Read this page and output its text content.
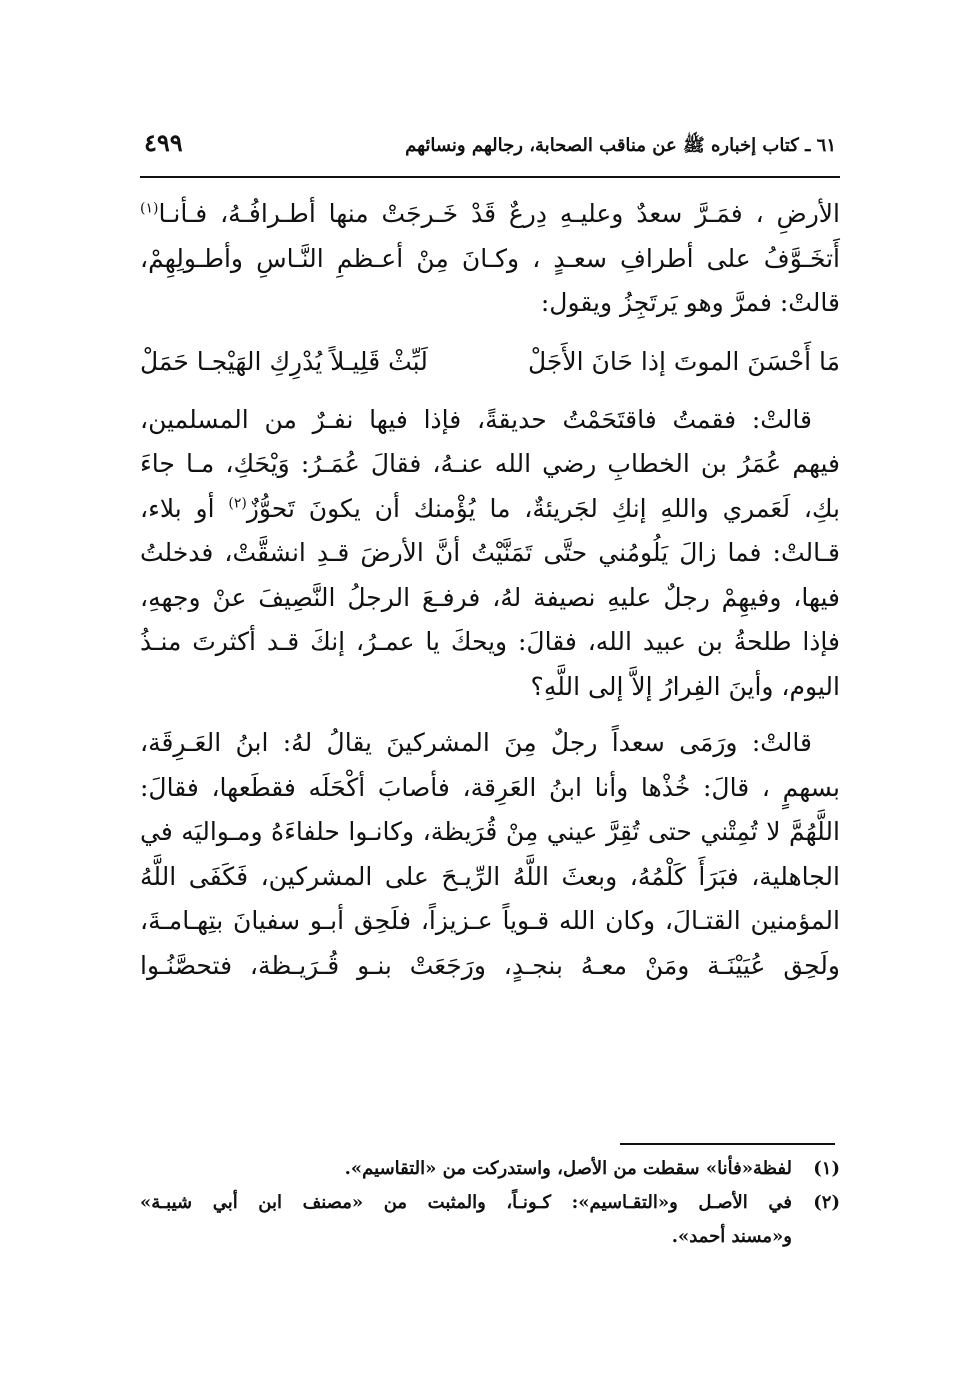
٦١ ـ كتاب إخباره ﷺ عن مناقب الصحابة، رجالهم ونسائهم
٤٩٩

الأرضِ ، فمَـرَّ سعدٌ وعليـهِ دِرعٌ قَدْ خَـرجَتْ منها أطـرافُـهُ، فـأنـا$^{(١)}$
أَتخَـوَّفُ على أطرافِ سعـدٍ ، وكـانَ مِنْ أعـظمِ النَّـاسِ وأطـولِهِمْ،
قالتْ: فمرَّ وهو يَرتَجِزُ ويقول:

مَا أَحْسَنَ الموتَ إذا حَانَ الأَجَلْ
لَبِّثْ قَلِيـلاً يُدْرِكِ الهَيْجـا حَمَلْ

قالتْ: فقمتُ فاقتَحَمْتُ حديقةً، فإذا فيها نفـرٌ من المسلمين،
فيهم عُمَرُ بن الخطابِ رضي الله عنـهُ، فقالَ عُمَـرُ: وَيْحَكِ، مـا جاءَ
بكِ، لَعَمري واللهِ إنكِ لجَريئةٌ، ما يُؤْمنك أن يكونَ تَحوُّزٌ$^{(٢)}$ أو بلاء،
قـالتْ: فما زالَ يَلُومُني حتَّى تَمَنَّيْتُ أنَّ الأرضَ قـدِ انشقَّتْ، فدخلتُ
فيها، وفيهِمْ رجلٌ عليهِ نصيفة لهُ، فرفـعَ الرجلُ النَّصِيفَ عنْ وجههِ،
فإذا طلحةُ بن عبيد الله، فقالَ: ويحكَ يا عمـرُ، إنكَ قـد أكثرتَ منـذُ
اليوم، وأينَ الفِرارُ إلاَّ إلى اللَّهِ؟

قالتْ: ورَمَى سعداً رجلٌ مِنَ المشركينَ يقالُ لهُ: ابنُ العَـرِقَة،
بسهمٍ ، قالَ: خُذْها وأنا ابنُ العَرِقة، فأصابَ أكْحَلَه فقطَعها، فقالَ:
اللَّهُمَّ لا تُمِتْني حتى تُقِرَّ عيني مِنْ قُرَيظة، وكانـوا حلفاءَهُ ومـواليَه في
الجاهلية، فبَرَأَ كَلْمُهُ، وبعثَ اللَّهُ الرِّيـحَ على المشركين، فَكَفَى اللَّهُ
المؤمنين القتـالَ، وكان الله قـوياً عـزيزاً، فلَحِق أبـو سفيانَ بتِهـامـةَ،
ولَحِق عُيَيْنَـة ومَنْ معـهُ بنجـدٍ، ورَجَعَتْ بنـو قُـرَيـظة، فتحصَّنُـوا

(١)
لفظة«فأنا» سقطت من الأصل، واستدركت من «التقاسيم».
(٢)
في الأصـل و«التقـاسيم»: كـونـاً، والمثبت من «مصنف ابن أبي شيبـة»
و«مسند أحمد».
